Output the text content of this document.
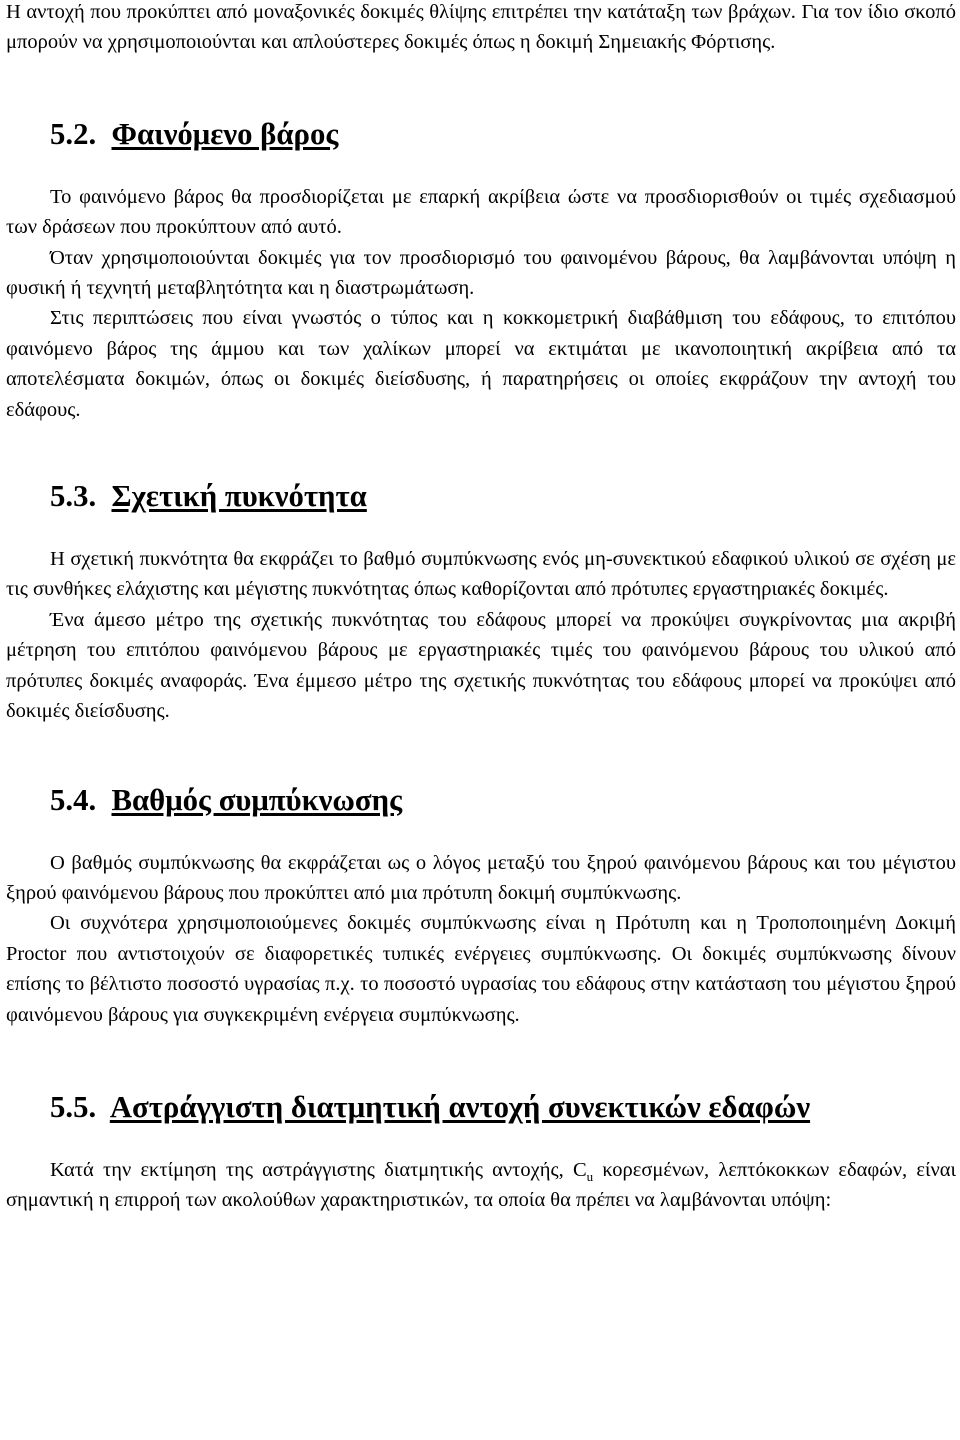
Η αντοχή που προκύπτει από μοναξονικές δοκιμές θλίψης επιτρέπει την κατάταξη των βράχων. Για τον ίδιο σκοπό μπορούν να χρησιμοποιούνται και απλούστερες δοκιμές όπως η δοκιμή Σημειακής Φόρτισης.

5.2. Φαινόμενο βάρος

Το φαινόμενο βάρος θα προσδιορίζεται με επαρκή ακρίβεια ώστε να προσδιορισθούν οι τιμές σχεδιασμού των δράσεων που προκύπτουν από αυτό.

Όταν χρησιμοποιούνται δοκιμές για τον προσδιορισμό του φαινομένου βάρους, θα λαμβάνονται υπόψη η φυσική ή τεχνητή μεταβλητότητα και η διαστρωμάτωση.

Στις περιπτώσεις που είναι γνωστός ο τύπος και η κοκκομετρική διαβάθμιση του εδάφους, το επιτόπου φαινόμενο βάρος της άμμου και των χαλίκων μπορεί να εκτιμάται με ικανοποιητική ακρίβεια από τα αποτελέσματα δοκιμών, όπως οι δοκιμές διείσδυσης, ή παρατηρήσεις οι οποίες εκφράζουν την αντοχή του εδάφους.

5.3. Σχετική πυκνότητα

Η σχετική πυκνότητα θα εκφράζει το βαθμό συμπύκνωσης ενός μη-συνεκτικού εδαφικού υλικού σε σχέση με τις συνθήκες ελάχιστης και μέγιστης πυκνότητας όπως καθορίζονται από πρότυπες εργαστηριακές δοκιμές.

Ένα άμεσο μέτρο της σχετικής πυκνότητας του εδάφους μπορεί να προκύψει συγκρίνοντας μια ακριβή μέτρηση του επιτόπου φαινόμενου βάρους με εργαστηριακές τιμές του φαινόμενου βάρους του υλικού από πρότυπες δοκιμές αναφοράς. Ένα έμμεσο μέτρο της σχετικής πυκνότητας του εδάφους μπορεί να προκύψει από δοκιμές διείσδυσης.

5.4. Βαθμός συμπύκνωσης

Ο βαθμός συμπύκνωσης θα εκφράζεται ως ο λόγος μεταξύ του ξηρού φαινόμενου βάρους και του μέγιστου ξηρού φαινόμενου βάρους που προκύπτει από μια πρότυπη δοκιμή συμπύκνωσης.

Οι συχνότερα χρησιμοποιούμενες δοκιμές συμπύκνωσης είναι η Πρότυπη και η Τροποποιημένη Δοκιμή Proctor που αντιστοιχούν σε διαφορετικές τυπικές ενέργειες συμπύκνωσης. Οι δοκιμές συμπύκνωσης δίνουν επίσης το βέλτιστο ποσοστό υγρασίας π.χ. το ποσοστό υγρασίας του εδάφους στην κατάσταση του μέγιστου ξηρού φαινόμενου βάρους για συγκεκριμένη ενέργεια συμπύκνωσης.

5.5. Αστράγγιστη διατμητική αντοχή συνεκτικών εδαφών

Κατά την εκτίμηση της αστράγγιστης διατμητικής αντοχής, $C_u$ κορεσμένων, λεπτόκοκκων εδαφών, είναι σημαντική η επιρροή των ακολούθων χαρακτηριστικών, τα οποία θα πρέπει να λαμβάνονται υπόψη:
